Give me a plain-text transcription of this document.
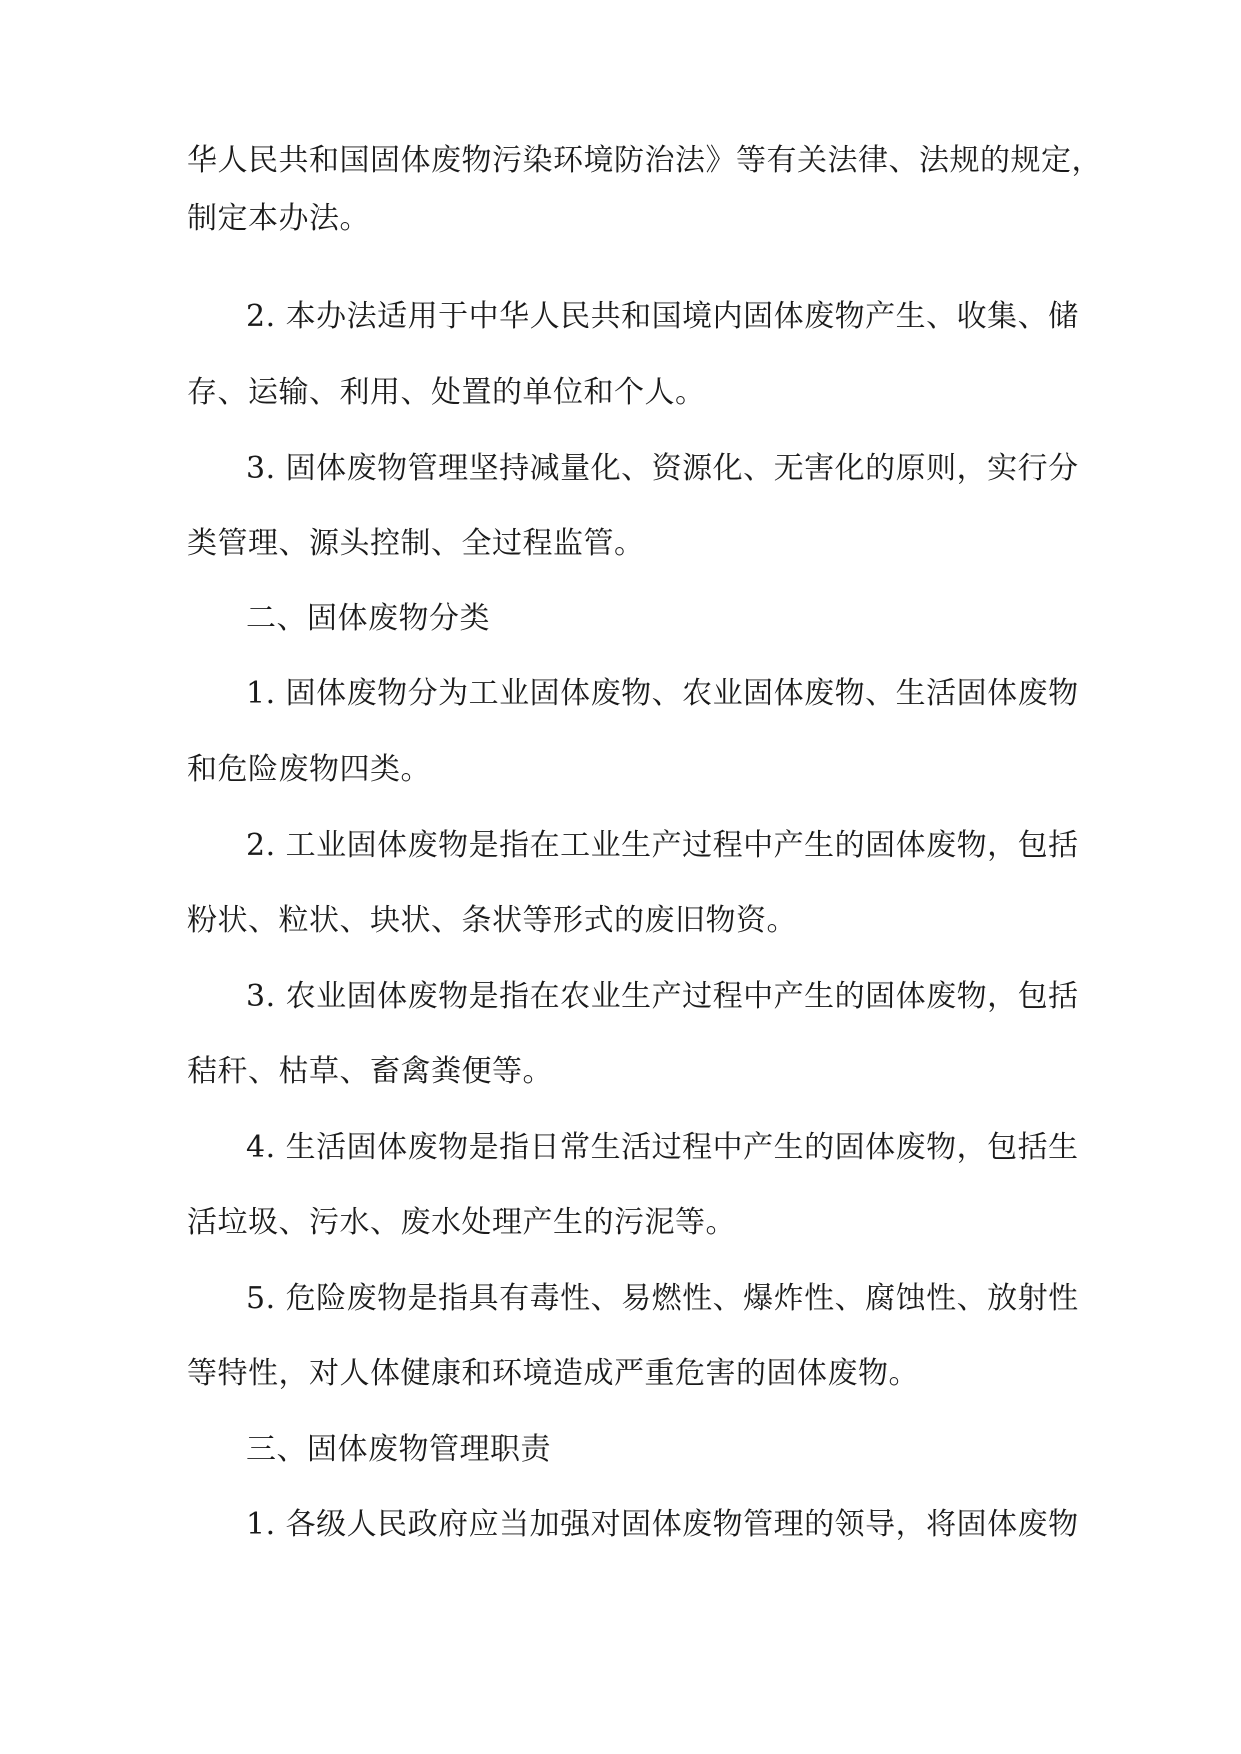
华人民共和国固体废物污染环境防治法》等有关法律、法规的规定，
制定本办法。
2. 本办法适用于中华人民共和国境内固体废物产生、收集、储
存、运输、利用、处置的单位和个人。
3. 固体废物管理坚持减量化、资源化、无害化的原则，实行分
类管理、源头控制、全过程监管。
二、固体废物分类
1. 固体废物分为工业固体废物、农业固体废物、生活固体废物
和危险废物四类。
2. 工业固体废物是指在工业生产过程中产生的固体废物，包括
粉状、粒状、块状、条状等形式的废旧物资。
3. 农业固体废物是指在农业生产过程中产生的固体废物，包括
秸秆、枯草、畜禽粪便等。
4. 生活固体废物是指日常生活过程中产生的固体废物，包括生
活垃圾、污水、废水处理产生的污泥等。
5. 危险废物是指具有毒性、易燃性、爆炸性、腐蚀性、放射性
等特性，对人体健康和环境造成严重危害的固体废物。
三、固体废物管理职责
1. 各级人民政府应当加强对固体废物管理的领导，将固体废物
